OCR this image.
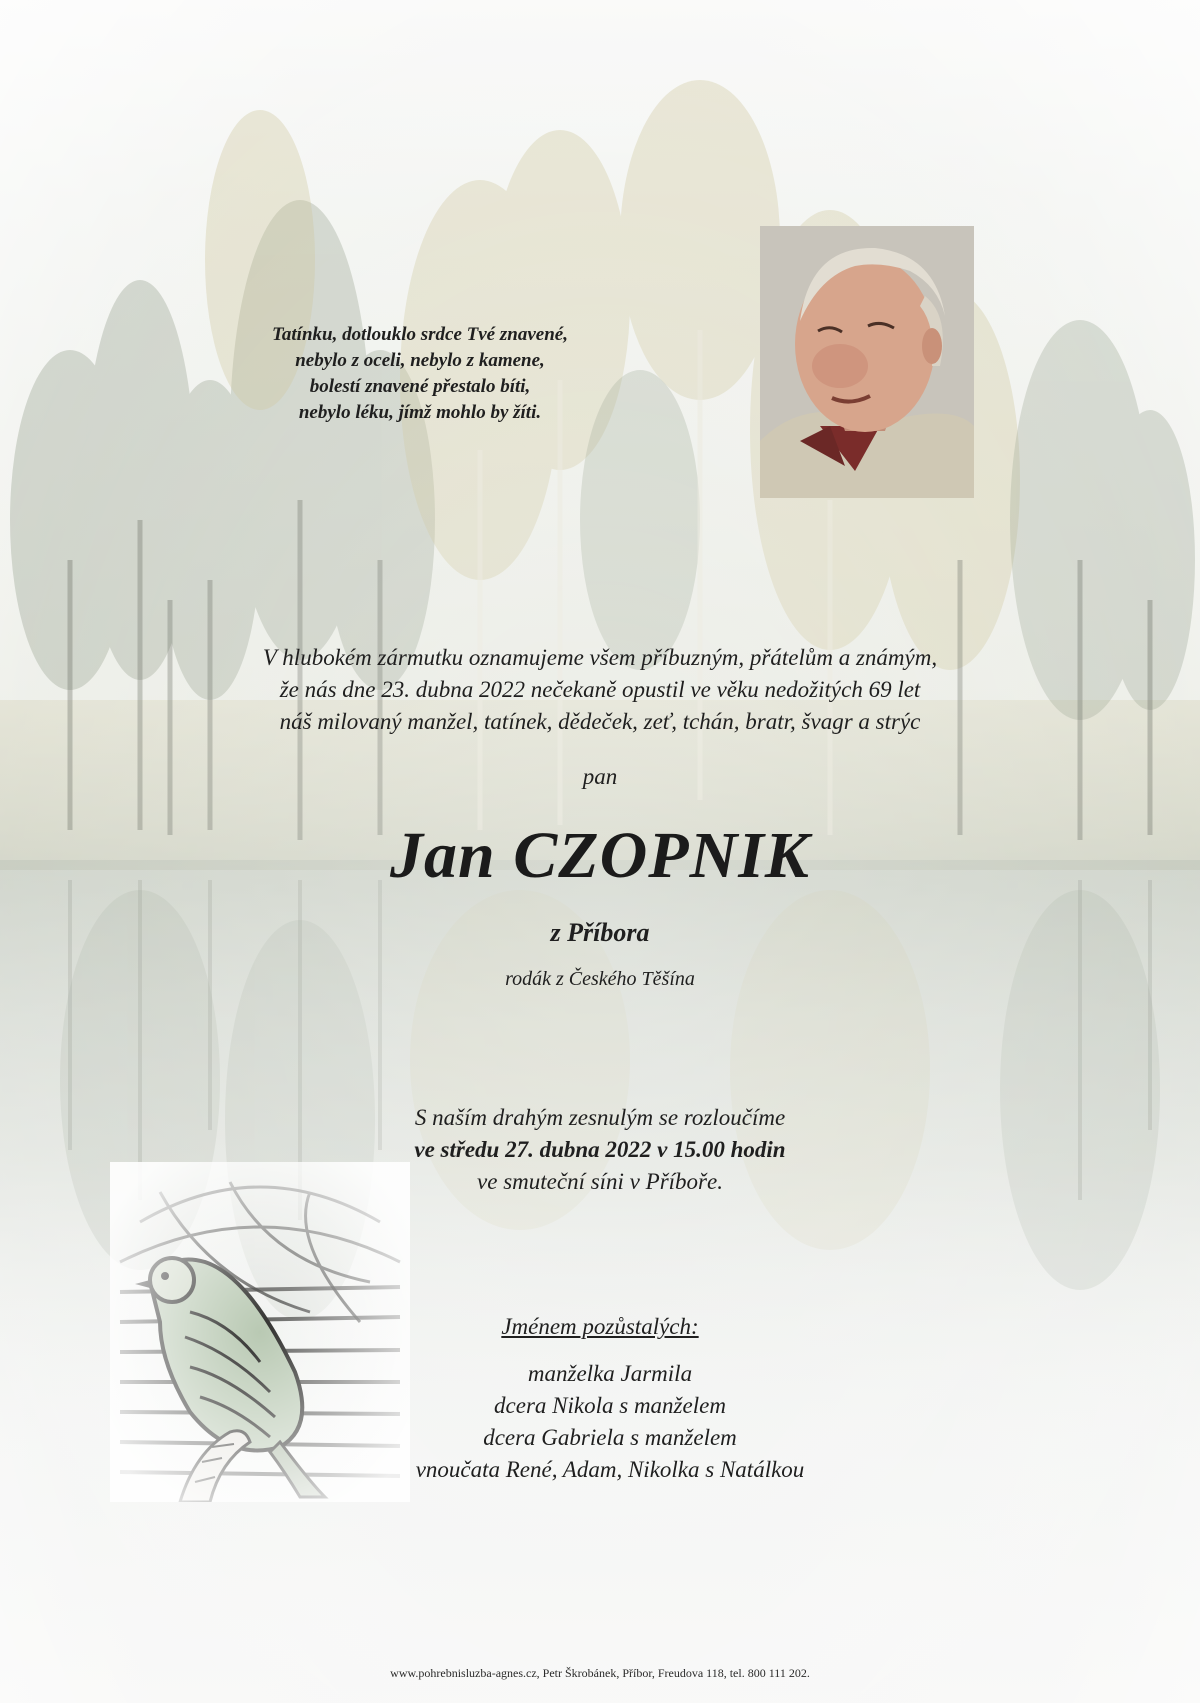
Tatínku, dotlouklo srdce Tvé znavené,
nebylo z oceli, nebylo z kamene,
bolestí znavené přestalo bíti,
nebylo léku, jímž mohlo by žíti.
V hlubokém zármutku oznamujeme všem příbuzným, přátelům a známým,
že nás dne 23. dubna 2022 nečekaně opustil ve věku nedožitých 69 let
náš milovaný manžel, tatínek, dědeček, zeť, tchán, bratr, švagr a strýc
pan
Jan CZOPNIK
z Příbora
rodák z Českého Těšína
S naším drahým zesnulým se rozloučíme
ve středu 27. dubna 2022 v 15.00 hodin
ve smuteční síni v Příboře.
Jménem pozůstalých:
manželka Jarmila
dcera Nikola s manželem
dcera Gabriela s manželem
vnoučata René, Adam, Nikolka s Natálkou
www.pohrebnisluzba-agnes.cz, Petr Škrobánek, Příbor, Freudova 118, tel. 800 111 202.
